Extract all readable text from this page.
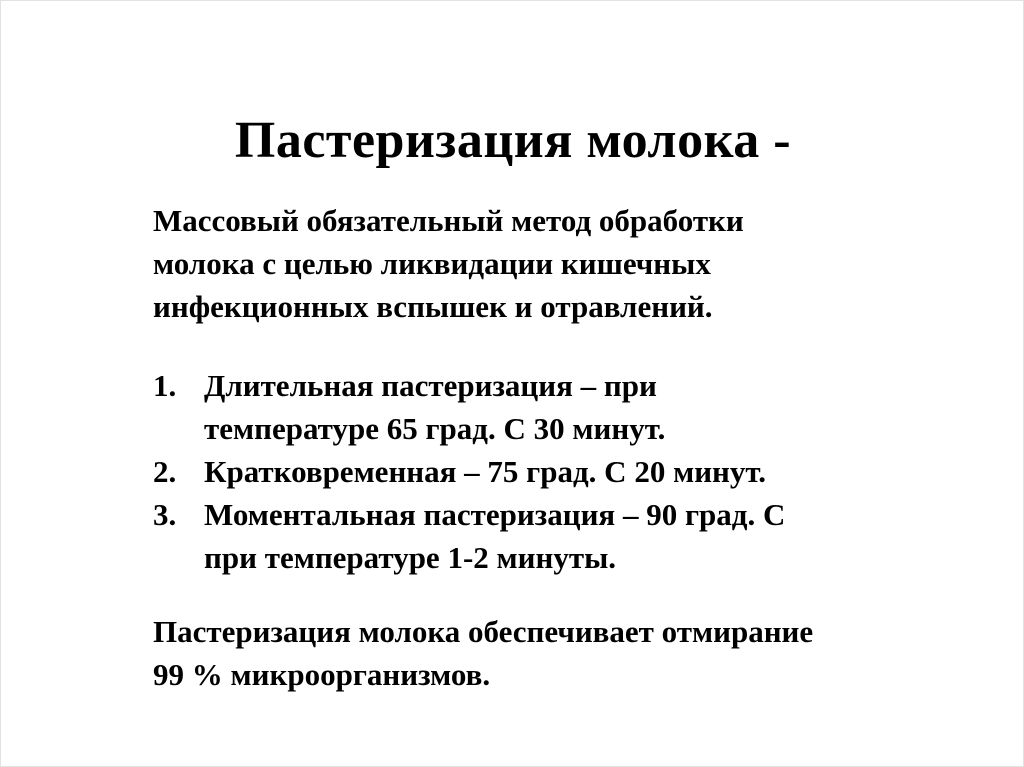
Пастеризация молока -
Массовый обязательный метод обработки
молока с целью ликвидации кишечных
инфекционных вспышек и отравлений.
1. Длительная пастеризация – при
температуре 65 град. С 30 минут.
2. Кратковременная – 75 град. С 20 минут.
3. Моментальная пастеризация – 90 град. С
при температуре 1-2 минуты.
Пастеризация молока обеспечивает отмирание
99 % микроорганизмов.
